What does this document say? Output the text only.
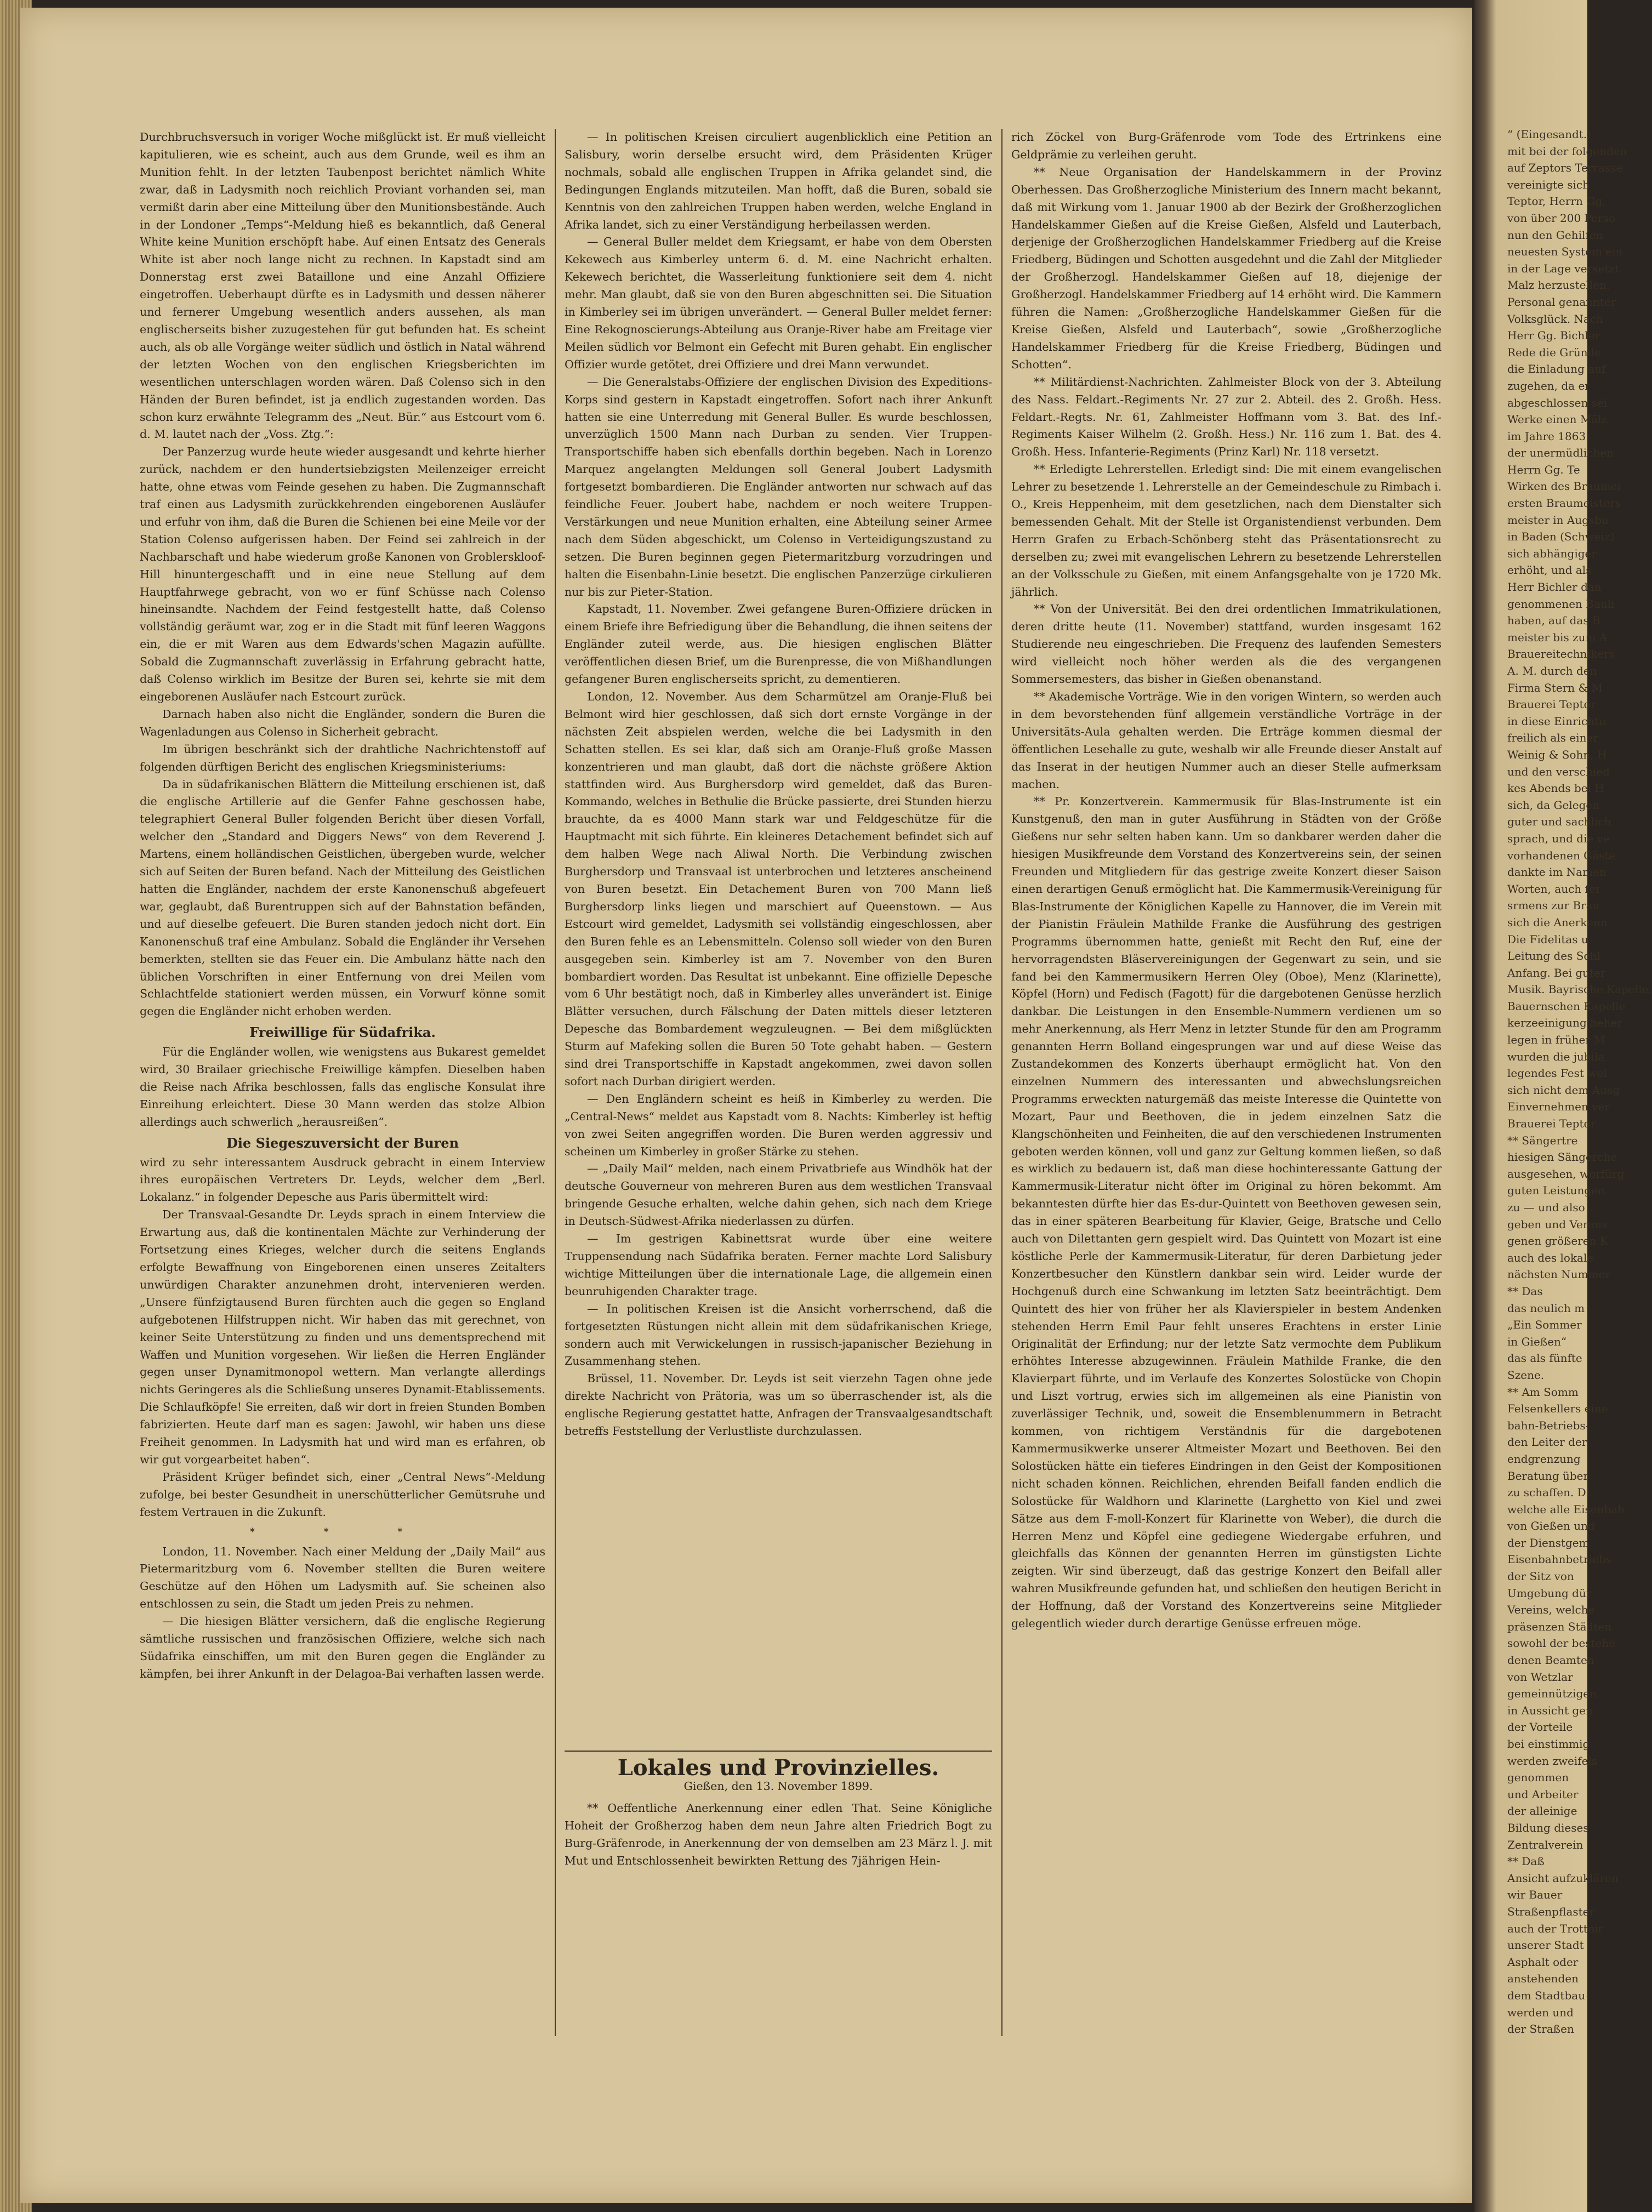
Durchbruchsversuch in voriger Woche mißglückt ist. Er muß vielleicht kapitulieren, wie es scheint, auch aus dem Grunde, weil es ihm an Munition fehlt. In der letzten Taubenpost berichtet nämlich White zwar, daß in Ladysmith noch reichlich Proviant vorhanden sei, man vermißt darin aber eine Mitteilung über den Munitionsbestände. Auch in der Londoner „Temps“-Meldung hieß es bekanntlich, daß General White keine Munition erschöpft habe. Auf einen Entsatz des Generals White ist aber noch lange nicht zu rechnen. In Kapstadt sind am Donnerstag erst zwei Bataillone und eine Anzahl Offiziere eingetroffen. Ueberhaupt dürfte es in Ladysmith und dessen näherer und fernerer Umgebung wesentlich anders aussehen, als man englischerseits bisher zuzugestehen für gut befunden hat. Es scheint auch, als ob alle Vorgänge weiter südlich und östlich in Natal während der letzten Wochen von den englischen Kriegsberichten im wesentlichen unterschlagen worden wären. Daß Colenso sich in den Händen der Buren befindet, ist ja endlich zugestanden worden. Das schon kurz erwähnte Telegramm des „Neut. Bür.“ aus Estcourt vom 6. d. M. lautet nach der „Voss. Ztg.“:

Der Panzerzug wurde heute wieder ausgesandt und kehrte hierher zurück, nachdem er den hundertsiebzigsten Meilenzeiger erreicht hatte, ohne etwas vom Feinde gesehen zu haben. Die Zugmannschaft traf einen aus Ladysmith zurückkehrenden eingeborenen Ausläufer und erfuhr von ihm, daß die Buren die Schienen bei eine Meile vor der Station Colenso aufgerissen haben. Der Feind sei zahlreich in der Nachbarschaft und habe wiederum große Kanonen von Groblerskloof-Hill hinuntergeschafft und in eine neue Stellung auf dem Hauptfahrwege gebracht, von wo er fünf Schüsse nach Colenso hineinsandte. Nachdem der Feind festgestellt hatte, daß Colenso vollständig geräumt war, zog er in die Stadt mit fünf leeren Waggons ein, die er mit Waren aus dem Edwards'schen Magazin aufüllte. Sobald die Zugmannschaft zuverlässig in Erfahrung gebracht hatte, daß Colenso wirklich im Besitze der Buren sei, kehrte sie mit dem eingeborenen Ausläufer nach Estcourt zurück.

Darnach haben also nicht die Engländer, sondern die Buren die Wagenladungen aus Colenso in Sicherheit gebracht.

Im übrigen beschränkt sich der drahtliche Nachrichtenstoff auf folgenden dürftigen Bericht des englischen Kriegsministeriums:

Da in südafrikanischen Blättern die Mitteilung erschienen ist, daß die englische Artillerie auf die Genfer Fahne geschossen habe, telegraphiert General Buller folgenden Bericht über diesen Vorfall, welcher den „Standard and Diggers News“ von dem Reverend J. Martens, einem holländischen Geistlichen, übergeben wurde, welcher sich auf Seiten der Buren befand. Nach der Mitteilung des Geistlichen hatten die Engländer, nachdem der erste Kanonenschuß abgefeuert war, geglaubt, daß Burentruppen sich auf der Bahnstation befänden, und auf dieselbe gefeuert. Die Buren standen jedoch nicht dort. Ein Kanonenschuß traf eine Ambulanz. Sobald die Engländer ihr Versehen bemerkten, stellten sie das Feuer ein. Die Ambulanz hätte nach den üblichen Vorschriften in einer Entfernung von drei Meilen vom Schlachtfelde stationiert werden müssen, ein Vorwurf könne somit gegen die Engländer nicht erhoben werden.

Freiwillige für Südafrika.

Für die Engländer wollen, wie wenigstens aus Bukarest gemeldet wird, 30 Brailaer griechische Freiwillige kämpfen. Dieselben haben die Reise nach Afrika beschlossen, falls das englische Konsulat ihre Einreihung erleichtert. Diese 30 Mann werden das stolze Albion allerdings auch schwerlich „herausreißen“.

Die Siegeszuversicht der Buren

wird zu sehr interessantem Ausdruck gebracht in einem Interview ihres europäischen Vertreters Dr. Leyds, welcher dem „Berl. Lokalanz.“ in folgender Depesche aus Paris übermittelt wird:

Der Transvaal-Gesandte Dr. Leyds sprach in einem Interview die Erwartung aus, daß die kontinentalen Mächte zur Verhinderung der Fortsetzung eines Krieges, welcher durch die seitens Englands erfolgte Bewaffnung von Eingeborenen einen unseres Zeitalters unwürdigen Charakter anzunehmen droht, intervenieren werden. „Unsere fünfzigtausend Buren fürchten auch die gegen so England aufgebotenen Hilfstruppen nicht. Wir haben das mit gerechnet, von keiner Seite Unterstützung zu finden und uns dementsprechend mit Waffen und Munition vorgesehen. Wir ließen die Herren Engländer gegen unser Dynamitmonopol wettern. Man verlangte allerdings nichts Geringeres als die Schließung unseres Dynamit-Etablissements. Die Schlaufköpfe! Sie erreiten, daß wir dort in freien Stunden Bomben fabrizierten. Heute darf man es sagen: Jawohl, wir haben uns diese Freiheit genommen. In Ladysmith hat und wird man es erfahren, ob wir gut vorgearbeitet haben“.

Präsident Krüger befindet sich, einer „Central News“-Meldung zufolge, bei bester Gesundheit in unerschütterlicher Gemütsruhe und festem Vertrauen in die Zukunft.

* * *

London, 11. November. Nach einer Meldung der „Daily Mail“ aus Pietermaritzburg vom 6. November stellten die Buren weitere Geschütze auf den Höhen um Ladysmith auf. Sie scheinen also entschlossen zu sein, die Stadt um jeden Preis zu nehmen.

— Die hiesigen Blätter versichern, daß die englische Regierung sämtliche russischen und französischen Offiziere, welche sich nach Südafrika einschiffen, um mit den Buren gegen die Engländer zu kämpfen, bei ihrer Ankunft in der Delagoa-Bai verhaften lassen werde.

— In politischen Kreisen circuliert augenblicklich eine Petition an Salisbury, worin derselbe ersucht wird, dem Präsidenten Krüger nochmals, sobald alle englischen Truppen in Afrika gelandet sind, die Bedingungen Englands mitzuteilen. Man hofft, daß die Buren, sobald sie Kenntnis von den zahlreichen Truppen haben werden, welche England in Afrika landet, sich zu einer Verständigung herbeilassen werden.

— General Buller meldet dem Kriegsamt, er habe von dem Obersten Kekewech aus Kimberley unterm 6. d. M. eine Nachricht erhalten. Kekewech berichtet, die Wasserleitung funktioniere seit dem 4. nicht mehr. Man glaubt, daß sie von den Buren abgeschnitten sei. Die Situation in Kimberley sei im übrigen unverändert. — General Buller meldet ferner: Eine Rekognoscierungs-Abteilung aus Oranje-River habe am Freitage vier Meilen südlich vor Belmont ein Gefecht mit Buren gehabt. Ein englischer Offizier wurde getötet, drei Offiziere und drei Mann verwundet.

— Die Generalstabs-Offiziere der englischen Division des Expeditions-Korps sind gestern in Kapstadt eingetroffen. Sofort nach ihrer Ankunft hatten sie eine Unterredung mit General Buller. Es wurde beschlossen, unverzüglich 1500 Mann nach Durban zu senden. Vier Truppen-Transportschiffe haben sich ebenfalls dorthin begeben. Nach in Lorenzo Marquez angelangten Meldungen soll General Joubert Ladysmith fortgesetzt bombardieren. Die Engländer antworten nur schwach auf das feindliche Feuer. Joubert habe, nachdem er noch weitere Truppen-Verstärkungen und neue Munition erhalten, eine Abteilung seiner Armee nach dem Süden abgeschickt, um Colenso in Verteidigungszustand zu setzen. Die Buren beginnen gegen Pietermaritzburg vorzudringen und halten die Eisenbahn-Linie besetzt. Die englischen Panzerzüge cirkulieren nur bis zur Pieter-Station.

Kapstadt, 11. November. Zwei gefangene Buren-Offiziere drücken in einem Briefe ihre Befriedigung über die Behandlung, die ihnen seitens der Engländer zuteil werde, aus. Die hiesigen englischen Blätter veröffentlichen diesen Brief, um die Burenpresse, die von Mißhandlungen gefangener Buren englischerseits spricht, zu dementieren.

London, 12. November. Aus dem Scharmützel am Oranje-Fluß bei Belmont wird hier geschlossen, daß sich dort ernste Vorgänge in der nächsten Zeit abspielen werden, welche die bei Ladysmith in den Schatten stellen. Es sei klar, daß sich am Oranje-Fluß große Massen konzentrieren und man glaubt, daß dort die nächste größere Aktion stattfinden wird. Aus Burghersdorp wird gemeldet, daß das Buren-Kommando, welches in Bethulie die Brücke passierte, drei Stunden hierzu brauchte, da es 4000 Mann stark war und Feldgeschütze für die Hauptmacht mit sich führte. Ein kleineres Detachement befindet sich auf dem halben Wege nach Aliwal North. Die Verbindung zwischen Burghersdorp und Transvaal ist unterbrochen und letzteres anscheinend von Buren besetzt. Ein Detachement Buren von 700 Mann ließ Burghersdorp links liegen und marschiert auf Queenstown. — Aus Estcourt wird gemeldet, Ladysmith sei vollständig eingeschlossen, aber den Buren fehle es an Lebensmitteln. Colenso soll wieder von den Buren ausgegeben sein. Kimberley ist am 7. November von den Buren bombardiert worden. Das Resultat ist unbekannt. Eine offizielle Depesche vom 6 Uhr bestätigt noch, daß in Kimberley alles unverändert ist. Einige Blätter versuchen, durch Fälschung der Daten mittels dieser letzteren Depesche das Bombardement wegzuleugnen. — Bei dem mißglückten Sturm auf Mafeking sollen die Buren 50 Tote gehabt haben. — Gestern sind drei Transportschiffe in Kapstadt angekommen, zwei davon sollen sofort nach Durban dirigiert werden.

— Den Engländern scheint es heiß in Kimberley zu werden. Die „Central-News“ meldet aus Kapstadt vom 8. Nachts: Kimberley ist heftig von zwei Seiten angegriffen worden. Die Buren werden aggressiv und scheinen um Kimberley in großer Stärke zu stehen.

— „Daily Mail“ melden, nach einem Privatbriefe aus Windhök hat der deutsche Gouverneur von mehreren Buren aus dem westlichen Transvaal bringende Gesuche erhalten, welche dahin gehen, sich nach dem Kriege in Deutsch-Südwest-Afrika niederlassen zu dürfen.

— Im gestrigen Kabinettsrat wurde über eine weitere Truppensendung nach Südafrika beraten. Ferner machte Lord Salisbury wichtige Mitteilungen über die internationale Lage, die allgemein einen beunruhigenden Charakter trage.

— In politischen Kreisen ist die Ansicht vorherrschend, daß die fortgesetzten Rüstungen nicht allein mit dem südafrikanischen Kriege, sondern auch mit Verwickelungen in russisch-japanischer Beziehung in Zusammenhang stehen.

Brüssel, 11. November. Dr. Leyds ist seit vierzehn Tagen ohne jede direkte Nachricht von Prätoria, was um so überraschender ist, als die englische Regierung gestattet hatte, Anfragen der Transvaalgesandtschaft betreffs Feststellung der Verlustliste durchzulassen.

Lokales und Provinzielles.
Gießen, den 13. November 1899.

** Oeffentliche Anerkennung einer edlen That. Seine Königliche Hoheit der Großherzog haben dem neun Jahre alten Friedrich Bogt zu Burg-Gräfenrode, in Anerkennung der von demselben am 23 März l. J. mit Mut und Entschlossenheit bewirkten Rettung des 7jährigen Hein-

rich Zöckel von Burg-Gräfenrode vom Tode des Ertrinkens eine Geldprämie zu verleihen geruht.

** Neue Organisation der Handelskammern in der Provinz Oberhessen. Das Großherzogliche Ministerium des Innern macht bekannt, daß mit Wirkung vom 1. Januar 1900 ab der Bezirk der Großherzoglichen Handelskammer Gießen auf die Kreise Gießen, Alsfeld und Lauterbach, derjenige der Großherzoglichen Handelskammer Friedberg auf die Kreise Friedberg, Büdingen und Schotten ausgedehnt und die Zahl der Mitglieder der Großherzogl. Handelskammer Gießen auf 18, diejenige der Großherzogl. Handelskammer Friedberg auf 14 erhöht wird. Die Kammern führen die Namen: „Großherzogliche Handelskammer Gießen für die Kreise Gießen, Alsfeld und Lauterbach“, sowie „Großherzogliche Handelskammer Friedberg für die Kreise Friedberg, Büdingen und Schotten“.

** Militärdienst-Nachrichten. Zahlmeister Block von der 3. Abteilung des Nass. Feldart.-Regiments Nr. 27 zur 2. Abteil. des 2. Großh. Hess. Feldart.-Regts. Nr. 61, Zahlmeister Hoffmann vom 3. Bat. des Inf.-Regiments Kaiser Wilhelm (2. Großh. Hess.) Nr. 116 zum 1. Bat. des 4. Großh. Hess. Infanterie-Regiments (Prinz Karl) Nr. 118 versetzt.

** Erledigte Lehrerstellen. Erledigt sind: Die mit einem evangelischen Lehrer zu besetzende 1. Lehrerstelle an der Gemeindeschule zu Rimbach i. O., Kreis Heppenheim, mit dem gesetzlichen, nach dem Dienstalter sich bemessenden Gehalt. Mit der Stelle ist Organistendienst verbunden. Dem Herrn Grafen zu Erbach-Schönberg steht das Präsentationsrecht zu derselben zu; zwei mit evangelischen Lehrern zu besetzende Lehrerstellen an der Volksschule zu Gießen, mit einem Anfangsgehalte von je 1720 Mk. jährlich.

** Von der Universität. Bei den drei ordentlichen Immatrikulationen, deren dritte heute (11. November) stattfand, wurden insgesamt 162 Studierende neu eingeschrieben. Die Frequenz des laufenden Semesters wird vielleicht noch höher werden als die des vergangenen Sommersemesters, das bisher in Gießen obenanstand.

** Akademische Vorträge. Wie in den vorigen Wintern, so werden auch in dem bevorstehenden fünf allgemein verständliche Vorträge in der Universitäts-Aula gehalten werden. Die Erträge kommen diesmal der öffentlichen Lesehalle zu gute, weshalb wir alle Freunde dieser Anstalt auf das Inserat in der heutigen Nummer auch an dieser Stelle aufmerksam machen.

** Pr. Konzertverein. Kammermusik für Blas-Instrumente ist ein Kunstgenuß, den man in guter Ausführung in Städten von der Größe Gießens nur sehr selten haben kann. Um so dankbarer werden daher die hiesigen Musikfreunde dem Vorstand des Konzertvereins sein, der seinen Freunden und Mitgliedern für das gestrige zweite Konzert dieser Saison einen derartigen Genuß ermöglicht hat. Die Kammermusik-Vereinigung für Blas-Instrumente der Königlichen Kapelle zu Hannover, die im Verein mit der Pianistin Fräulein Mathilde Franke die Ausführung des gestrigen Programms übernommen hatte, genießt mit Recht den Ruf, eine der hervorragendsten Bläservereinigungen der Gegenwart zu sein, und sie fand bei den Kammermusikern Herren Oley (Oboe), Menz (Klarinette), Köpfel (Horn) und Fedisch (Fagott) für die dargebotenen Genüsse herzlich dankbar. Die Leistungen in den Ensemble-Nummern verdienen um so mehr Anerkennung, als Herr Menz in letzter Stunde für den am Programm genannten Herrn Bolland eingesprungen war und auf diese Weise das Zustandekommen des Konzerts überhaupt ermöglicht hat. Von den einzelnen Nummern des interessanten und abwechslungsreichen Programms erweckten naturgemäß das meiste Interesse die Quintette von Mozart, Paur und Beethoven, die in jedem einzelnen Satz die Klangschönheiten und Feinheiten, die auf den verschiedenen Instrumenten geboten werden können, voll und ganz zur Geltung kommen ließen, so daß es wirklich zu bedauern ist, daß man diese hochinteressante Gattung der Kammermusik-Literatur nicht öfter im Original zu hören bekommt. Am bekanntesten dürfte hier das Es-dur-Quintett von Beethoven gewesen sein, das in einer späteren Bearbeitung für Klavier, Geige, Bratsche und Cello auch von Dilettanten gern gespielt wird. Das Quintett von Mozart ist eine köstliche Perle der Kammermusik-Literatur, für deren Darbietung jeder Konzertbesucher den Künstlern dankbar sein wird. Leider wurde der Hochgenuß durch eine Schwankung im letzten Satz beeinträchtigt. Dem Quintett des hier von früher her als Klavierspieler in bestem Andenken stehenden Herrn Emil Paur fehlt unseres Erachtens in erster Linie Originalität der Erfindung; nur der letzte Satz vermochte dem Publikum erhöhtes Interesse abzugewinnen. Fräulein Mathilde Franke, die den Klavierpart führte, und im Verlaufe des Konzertes Solostücke von Chopin und Liszt vortrug, erwies sich im allgemeinen als eine Pianistin von zuverlässiger Technik, und, soweit die Ensemblenummern in Betracht kommen, von richtigem Verständnis für die dargebotenen Kammermusikwerke unserer Altmeister Mozart und Beethoven. Bei den Solostücken hätte ein tieferes Eindringen in den Geist der Kompositionen nicht schaden können. Reichlichen, ehrenden Beifall fanden endlich die Solostücke für Waldhorn und Klarinette (Larghetto von Kiel und zwei Sätze aus dem F-moll-Konzert für Klarinette von Weber), die durch die Herren Menz und Köpfel eine gediegene Wiedergabe erfuhren, und gleichfalls das Können der genannten Herren im günstigsten Lichte zeigten. Wir sind überzeugt, daß das gestrige Konzert den Beifall aller wahren Musikfreunde gefunden hat, und schließen den heutigen Bericht in der Hoffnung, daß der Vorstand des Konzertvereins seine Mitglieder gelegentlich wieder durch derartige Genüsse erfreuen möge.

“ (Eingesandt.)
mit bei der folgenden
auf Zeptors Terrasse
vereinigte sich
Teptor, Herrn Gg.
von über 200 Perso
nun den Gehilfen
neuesten System ein
in der Lage versetzt
Malz herzustellen.
Personal genannter
Volksglück. Nach
Herr Gg. Bichler
Rede die Gründe
die Einladung auf
zugehen, da er
abgeschlossen sei
Werke einen Mälz
im Jahre 1863.
der unermüdlichen
Herrn Gg. Te
Wirken des Braumei
ersten Braumeisters
meister in Augsbu
in Baden (Schweiz)
sich abhängiger
erhöht, und als
Herr Bichler dan
genommenen Bauli
haben, auf das B
meister bis zum A
Brauereitechnikers
A. M. durch den
Firma Stern & M
Brauerei Teptor
in diese Einrichtu
freilich als einer
Weinig & Sohn, H
und den verschied
kes Abends bei H
sich, da Gelegen
guter und sachlich
sprach, und die ve
vorhandenen Gäste
dankte im Namen
Worten, auch fer
srmens zur Brau
sich die Anerkenn
Die Fidelitas u
Leitung des Schl
Anfang. Bei guter
Musik. Bayrische Kapelle.
Bauernschen Kapelle
kerzeeinigung beher
legen in früher M
wurden die jubila
legendes Fest wol
sich nicht dem Ausg
Einvernehmen ver
Brauerei Teptor
** Sängertre
hiesigen Sängerche
ausgesehen, worfürg
guten Leistungen
zu — und also
geben und Verans
genen größeren K
auch des lokale
nächsten Nummer
** Das
das neulich m
„Ein Sommer
in Gießen“
das als fünfte
Szene.
** Am Somm
Felsenkellers eine
bahn-Betriebs-
den Leiter der
endgrenzung
Beratung über
zu schaffen. Di
welche alle Eisenbah
von Gießen und
der Dienstgem
Eisenbahnbetriebs
der Sitz von
Umgebung dür
Vereins, welche
präsenzen Städten
sowohl der bestehe
denen Beamten
von Wetzlar
gemeinnützigen
in Aussicht gen
der Vorteile
bei einstimmig
werden zweifels
genommen
und Arbeiter
der alleinige
Bildung dieses
Zentralverein
** Daß
Ansicht aufzuklären
wir Bauer
Straßenpflaster
auch der Trottoir
unserer Stadt
Asphalt oder
anstehenden
dem Stadtbau
werden und
der Straßen
